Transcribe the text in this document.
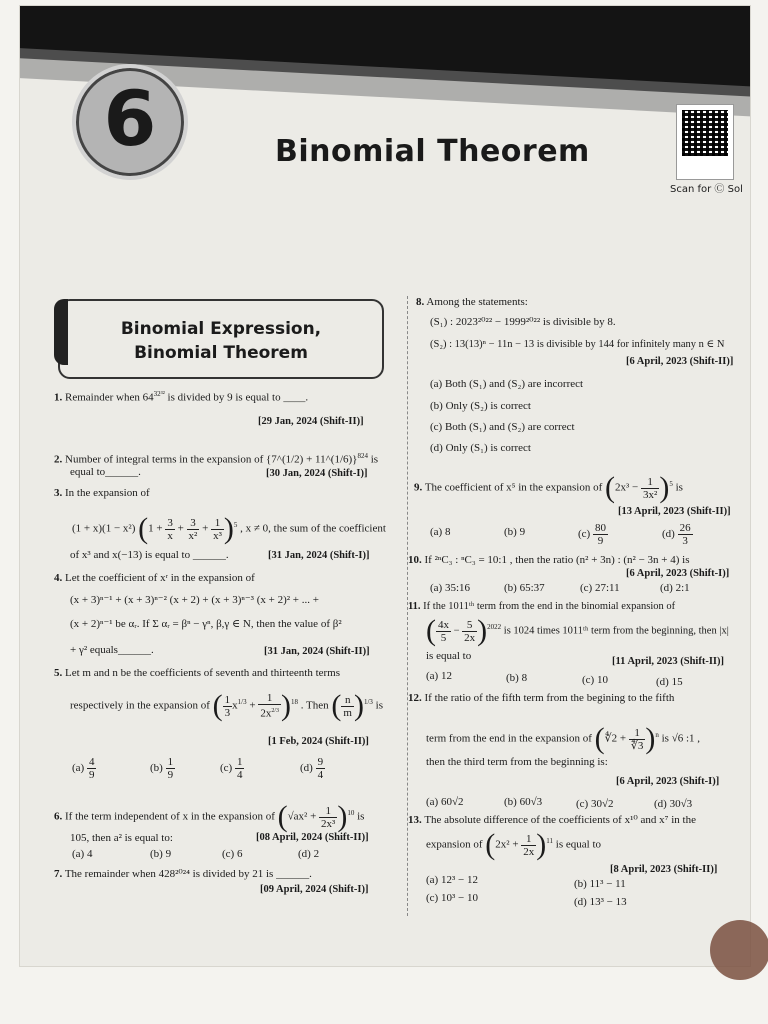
6	Binomial Theorem
Scan for Ⓒ Sol
Binomial Expression,
Binomial Theorem
1. Remainder when $64^{32^{32}}$ is divided by 9 is equal to ____.
[29 Jan, 2024 (Shift-II)]
2. Number of integral terms in the expansion of {7^(1/2) + 11^(1/6)}$^{824}$ is
equal to______.	[30 Jan, 2024 (Shift-I)]
3. In the expansion of
(1 + x)(1 − x²) $(1 + \frac{3}{x} + \frac{3}{\text{x²}} + \frac{1}{\text{x³}} )^5$ , x ≠ 0, the sum of the coefficient
of x³ and x(−13) is equal to ______.	[31 Jan, 2024 (Shift-I)]
4. Let the coefficient of xʳ in the expansion of
(x + 3)ⁿ⁻¹ + (x + 3)ⁿ⁻² (x + 2) + (x + 3)ⁿ⁻³ (x + 2)² + ... +
(x + 2)ⁿ⁻¹ be αᵣ. If Σ αᵣ = βⁿ − γⁿ, β,γ ∈ N, then the value of β²
+ γ² equals______.	[31 Jan, 2024 (Shift-II)]
5. Let m and n be the coefficients of seventh and thirteenth terms
respectively in the expansion of ( $\frac{1}{3} x^{1/3} + \frac{1}{2x^{2/3}} )^{18}$ . Then ( $\frac{n}{m} )^{1/3}$ is
[1 Feb, 2024 (Shift-II)]
$(a) \frac{4}{9}$	$(b) \frac{1}{9}$	$(c) \frac{1}{4}$	$(d) \frac{9}{4}$
6. If the term independent of x in the expansion of $(√ax^2 + \frac{1}{\text{2x³}} )^{10}$ is
105, then a² is equal to:	[08 April, 2024 (Shift-II)]
(a) 4	(b) 9	(c) 6	(d) 2
7. The remainder when 428²⁰²⁴ is divided by 21 is ______.
[09 April, 2024 (Shift-I)]
8. Among the statements:
(S₁) : 2023²⁰²² − 1999²⁰²² is divisible by 8.
(S₂) : 13(13)ⁿ − 11n − 13 is divisible by 144 for infinitely many n ∈ N
[6 April, 2023 (Shift-II)]
(a) Both (S₁) and (S₂) are incorrect
(b) Only (S₂) is correct
(c) Both (S₁) and (S₂) are correct
(d) Only (S₁) is correct
9. The coefficient of x⁵ in the expansion of $(2x^3 - \frac{1}{\text{3x²}} )^5$ is
[13 April, 2023 (Shift-II)]
(a) 8	(b) 9	$(c) \frac{80}{9}$	$(d) \frac{26}{3}$
10. If ²ⁿC₃ : ⁿC₃ = 10:1 , then the ratio (n² + 3n) : (n² − 3n + 4) is
(a) 35:16	(b) 65:37	(c) 27:11	(d) 2:1
[6 April, 2023 (Shift-I)]
11. If the 1011ᵗʰ term from the end in the binomial expansion of
( $\frac{4x}{5} - \frac{5}{2x} )^{2022}$ is 1024 times 1011ᵗʰ term from the beginning, then |x|
is equal to	[11 April, 2023 (Shift-II)]
(a) 12	(b) 8	(c) 10	(d) 15
12. If the ratio of the fifth term from the begining to the fifth
term from the end in the expansion of (∜2 + $\frac{1}{∜3} )^n$ is √6 :1 ,
then the third term from the beginning is:
[6 April, 2023 (Shift-I)]
(a) 60√2	(b) 60√3	(c) 30√2	(d) 30√3
13. The absolute difference of the coefficients of x¹⁰ and x⁷ in the
expansion of $(2x^2 + \frac{1}{2x} )^{11}$ is equal to
[8 April, 2023 (Shift-II)]
(a) 12³ − 12	(b) 11³ − 11
(c) 10³ − 10	(d) 13³ − 13
